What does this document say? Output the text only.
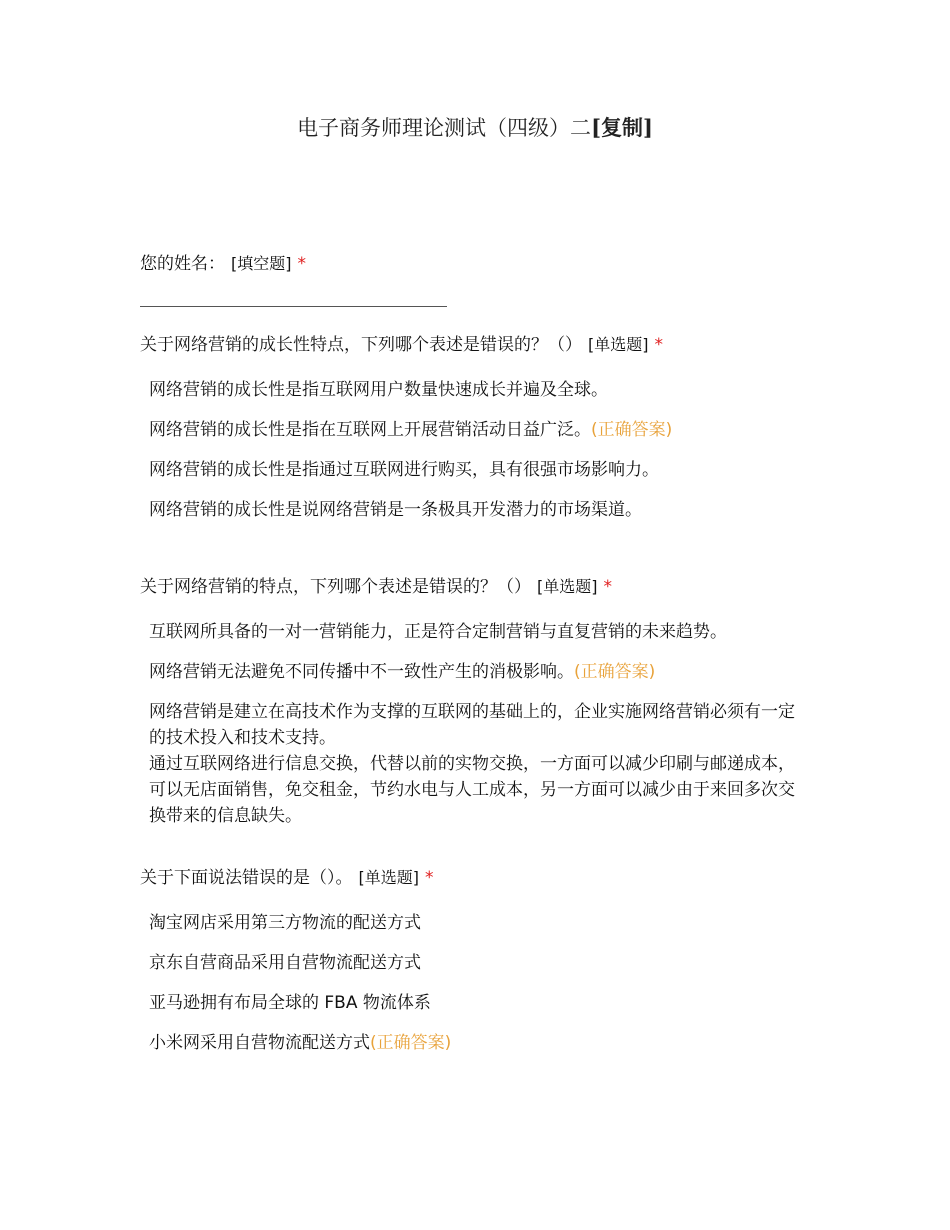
电子商务师理论测试（四级）二[复制]
您的姓名： [填空题] *
关于网络营销的成长性特点，下列哪个表述是错误的？（） [单选题] *
网络营销的成长性是指互联网用户数量快速成长并遍及全球。
网络营销的成长性是指在互联网上开展营销活动日益广泛。(正确答案)
网络营销的成长性是指通过互联网进行购买，具有很强市场影响力。
网络营销的成长性是说网络营销是一条极具开发潜力的市场渠道。
关于网络营销的特点，下列哪个表述是错误的？（） [单选题] *
互联网所具备的一对一营销能力，正是符合定制营销与直复营销的未来趋势。
网络营销无法避免不同传播中不一致性产生的消极影响。(正确答案)
网络营销是建立在高技术作为支撑的互联网的基础上的，企业实施网络营销必须有一定的技术投入和技术支持。
通过互联网络进行信息交换，代替以前的实物交换，一方面可以减少印刷与邮递成本，可以无店面销售，免交租金，节约水电与人工成本，另一方面可以减少由于来回多次交换带来的信息缺失。
关于下面说法错误的是（）。 [单选题] *
淘宝网店采用第三方物流的配送方式
京东自营商品采用自营物流配送方式
亚马逊拥有布局全球的 FBA 物流体系
小米网采用自营物流配送方式(正确答案)
